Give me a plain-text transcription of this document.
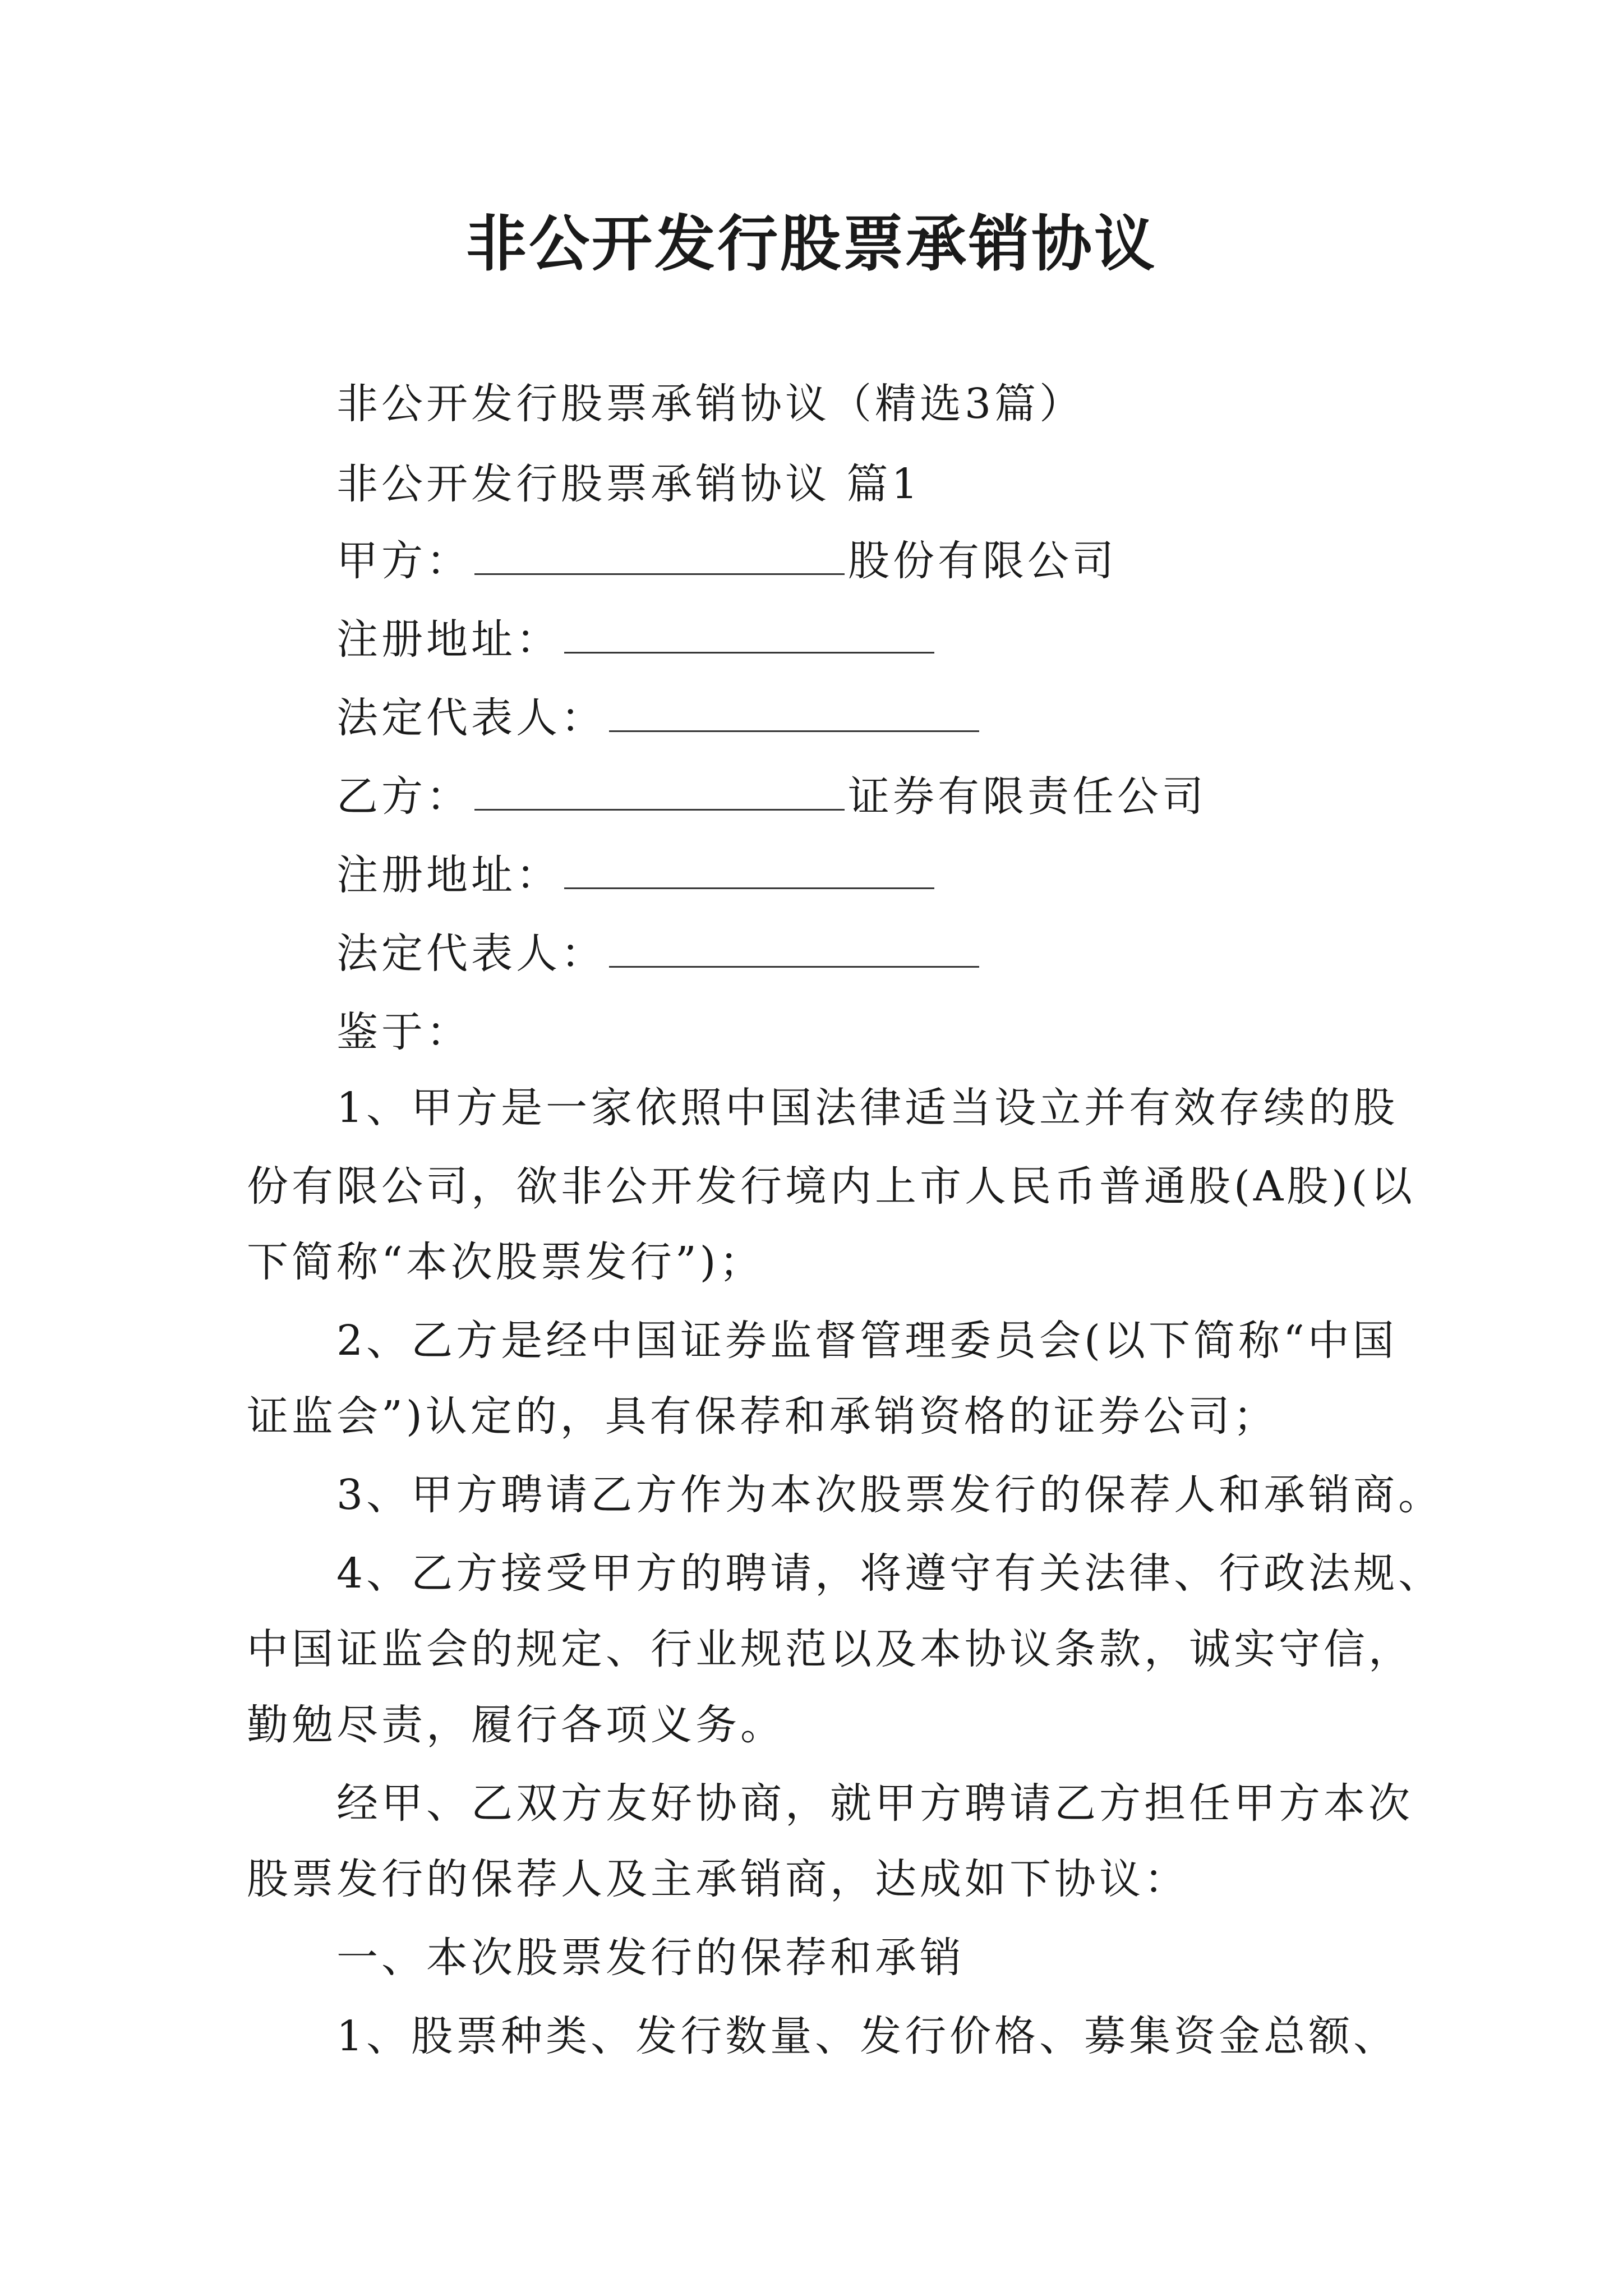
非公开发行股票承销协议
非公开发行股票承销协议（精选3篇）
非公开发行股票承销协议 篇1
甲方：	股份有限公司
注册地址：
法定代表人：
乙方：	证券有限责任公司
注册地址：
法定代表人：
鉴于：
1、甲方是一家依照中国法律适当设立并有效存续的股
份有限公司，欲非公开发行境内上市人民币普通股(A股)(以
下简称“本次股票发行”)；
2、乙方是经中国证券监督管理委员会(以下简称“中国
证监会”)认定的，具有保荐和承销资格的证券公司；
3、甲方聘请乙方作为本次股票发行的保荐人和承销商。
4、乙方接受甲方的聘请，将遵守有关法律、行政法规、
中国证监会的规定、行业规范以及本协议条款，诚实守信，
勤勉尽责，履行各项义务。
经甲、乙双方友好协商，就甲方聘请乙方担任甲方本次
股票发行的保荐人及主承销商，达成如下协议：
一、本次股票发行的保荐和承销
1、股票种类、发行数量、发行价格、募集资金总额、
